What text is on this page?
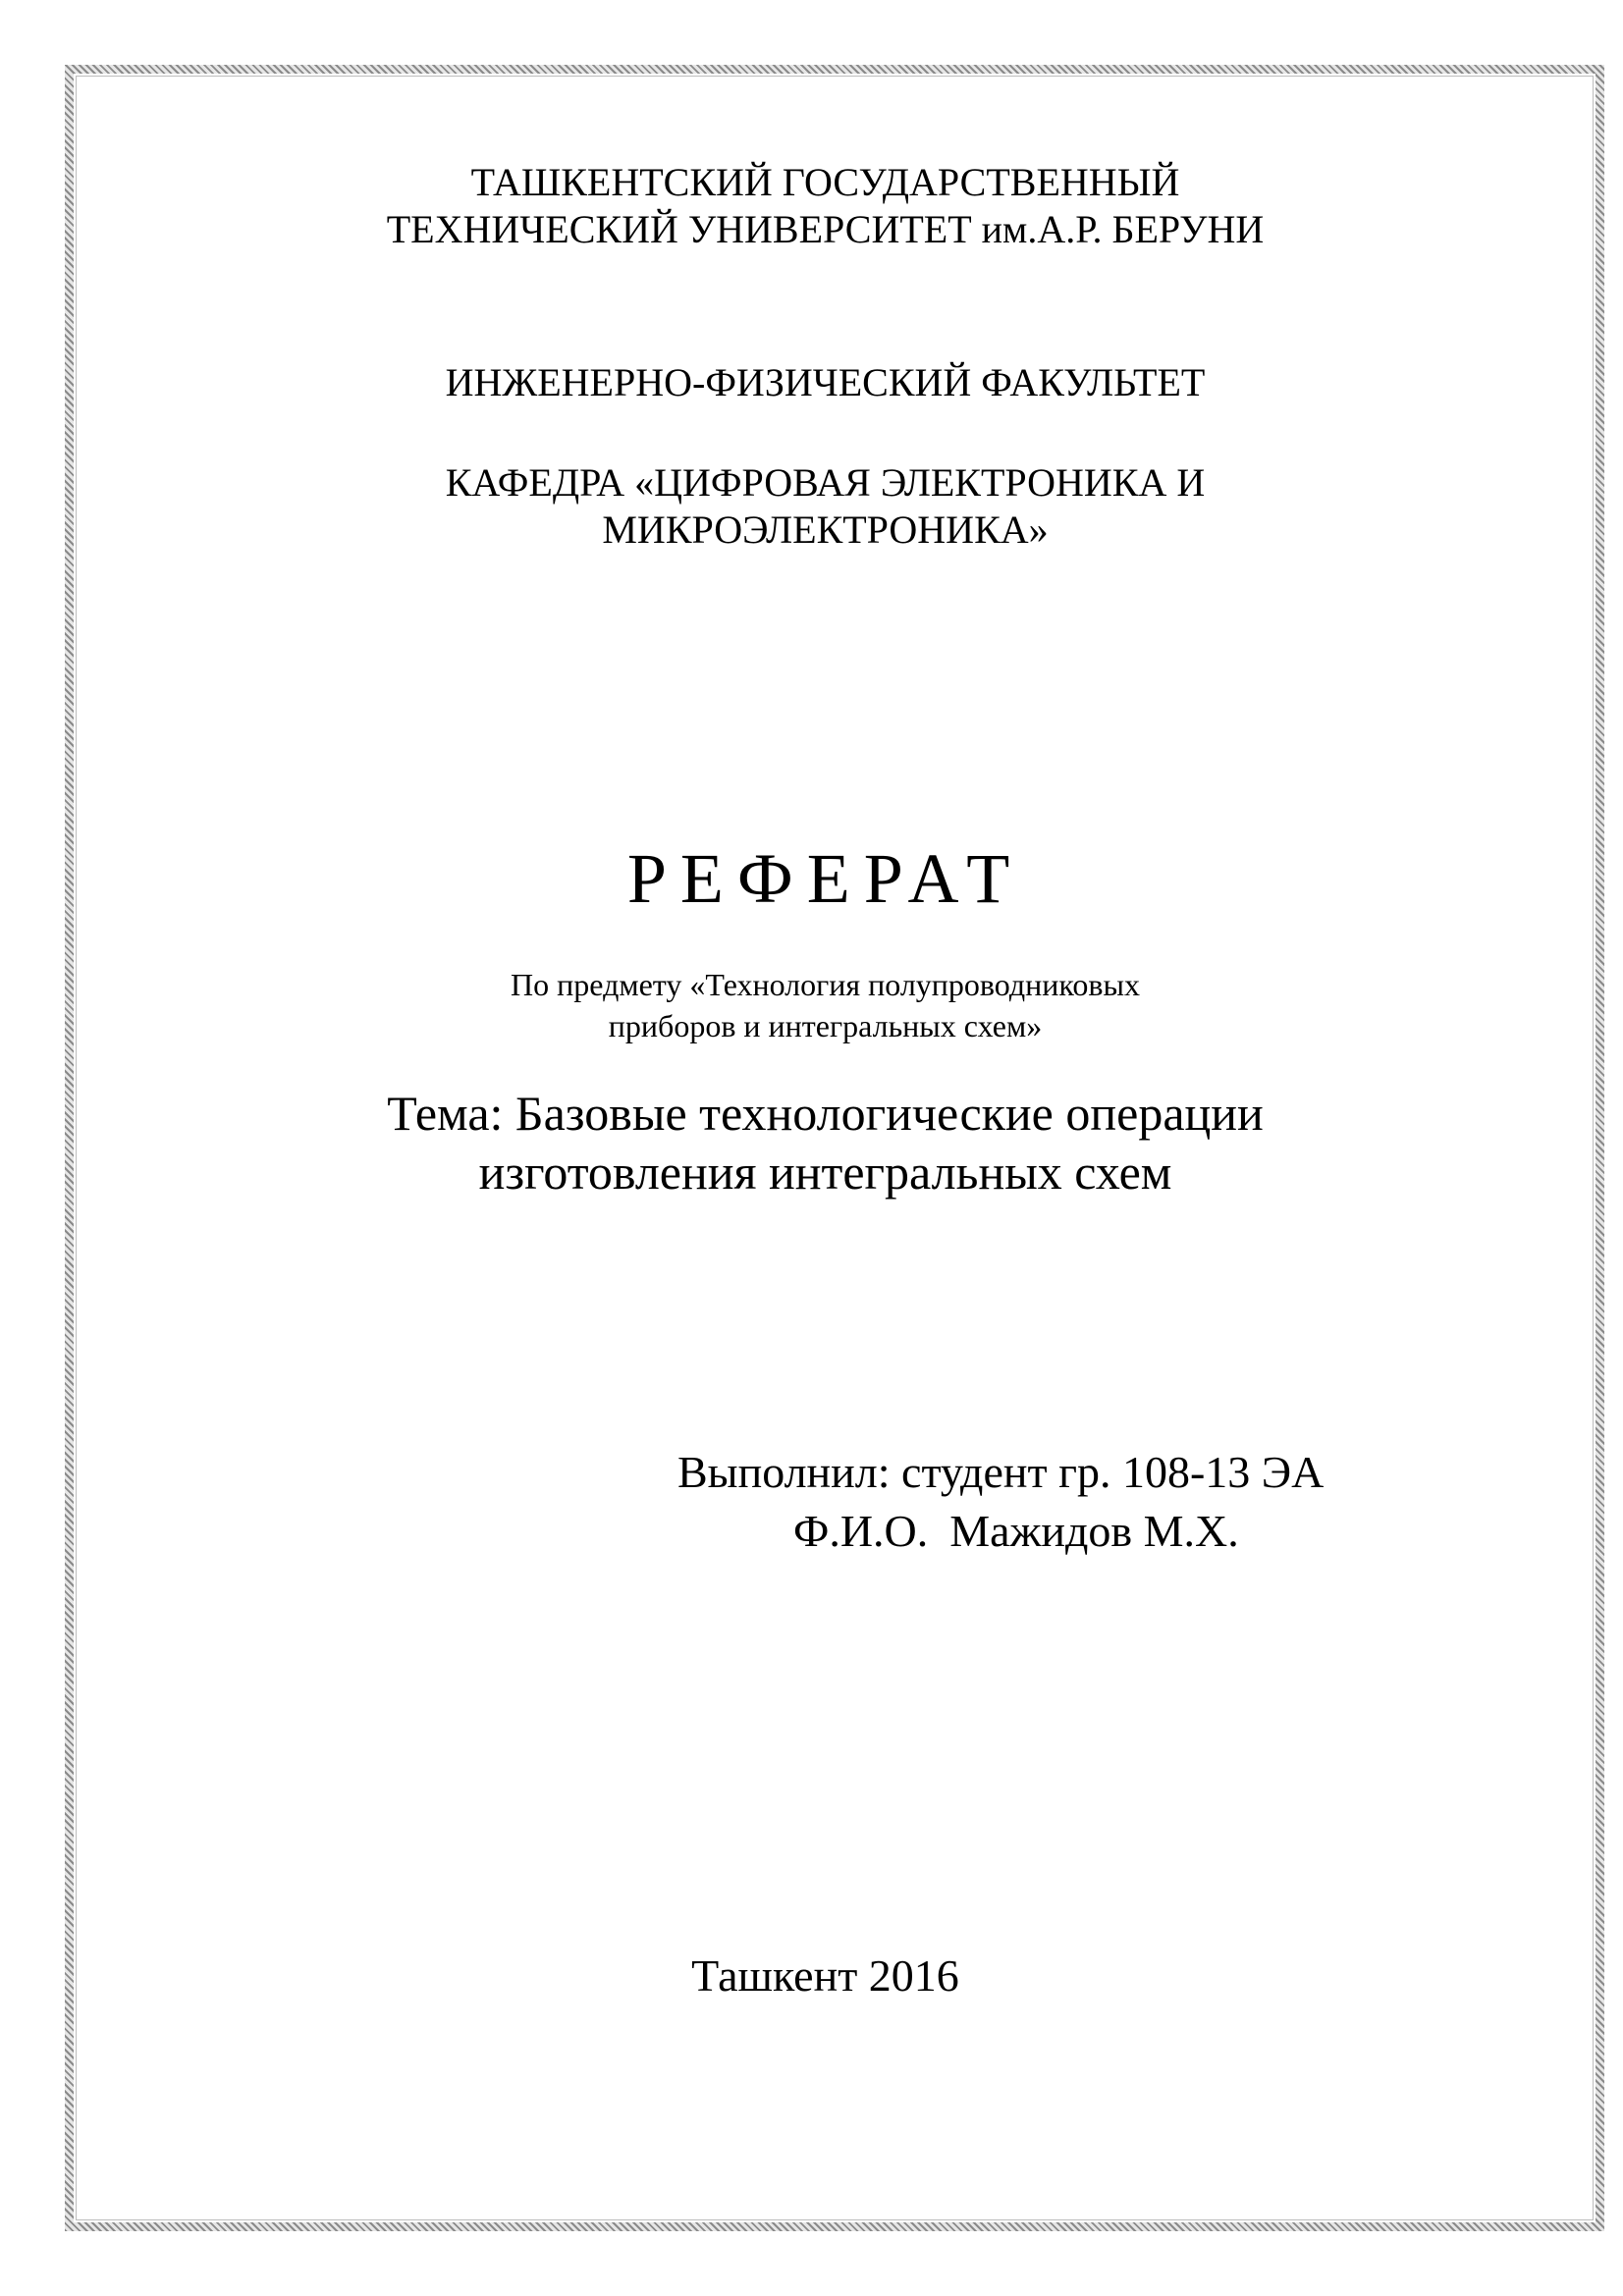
ТАШКЕНТСКИЙ ГОСУДАРСТВЕННЫЙ
ТЕХНИЧЕСКИЙ УНИВЕРСИТЕТ им.А.Р. БЕРУНИ
ИНЖЕНЕРНО-ФИЗИЧЕСКИЙ ФАКУЛЬТЕТ
КАФЕДРА «ЦИФРОВАЯ ЭЛЕКТРОНИКА И
МИКРОЭЛЕКТРОНИКА»
РЕФЕРАТ
По предмету «Технология полупроводниковых
приборов и интегральных схем»
Тема: Базовые технологические операции
изготовления интегральных схем
Выполнил: студент гр. 108-13 ЭА
Ф.И.О. Мажидов М.Х.
Ташкент 2016
